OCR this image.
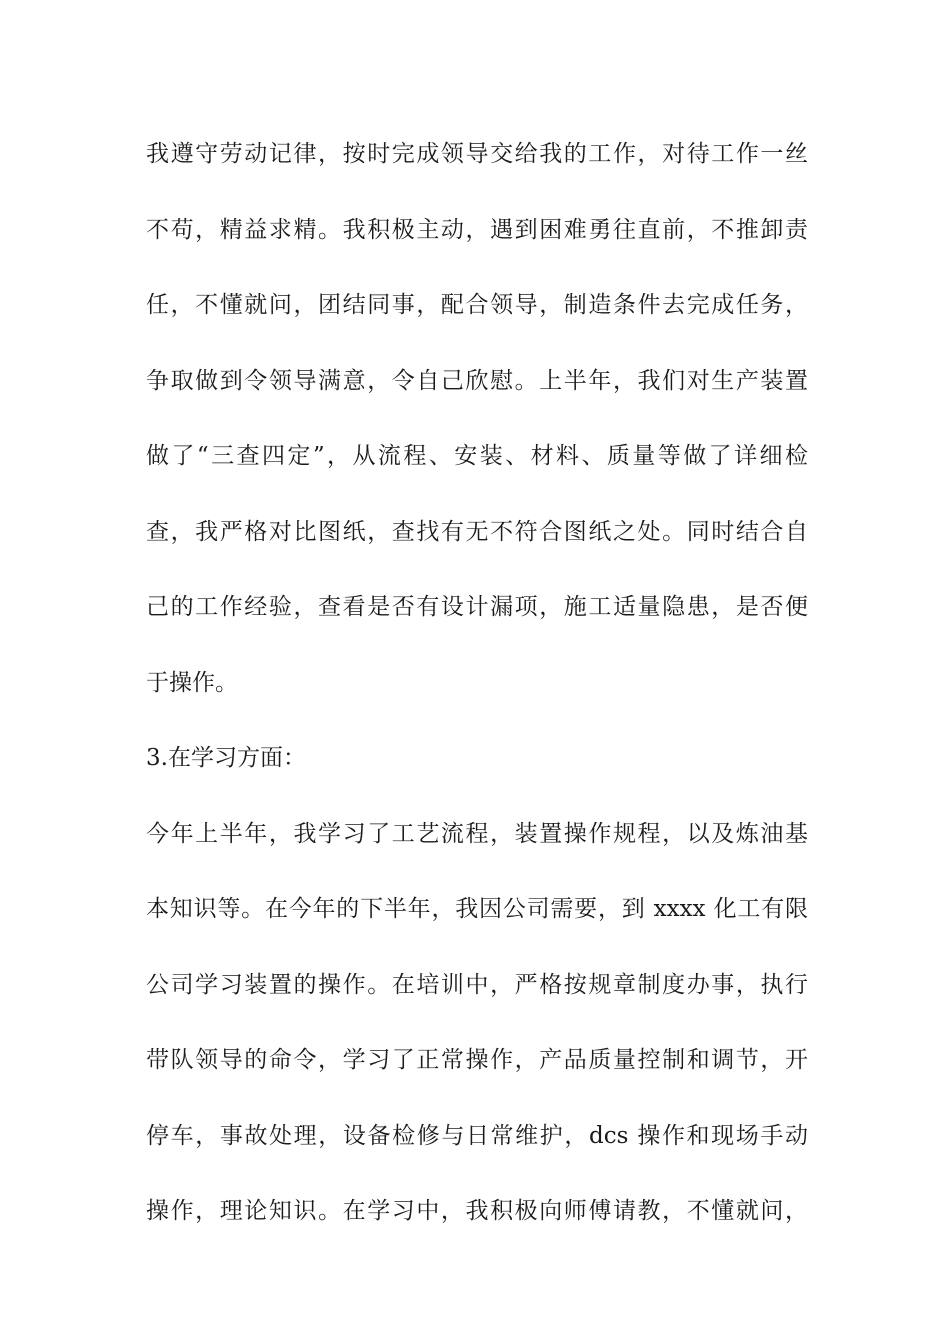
我遵守劳动记律，按时完成领导交给我的工作，对待工作一丝
不苟，精益求精。我积极主动，遇到困难勇往直前，不推卸责
任，不懂就问，团结同事，配合领导，制造条件去完成任务，
争取做到令领导满意，令自己欣慰。上半年，我们对生产装置
做了“三查四定”，从流程、安装、材料、质量等做了详细检
查，我严格对比图纸，查找有无不符合图纸之处。同时结合自
己的工作经验，查看是否有设计漏项，施工适量隐患，是否便
于操作。
3.在学习方面：
今年上半年，我学习了工艺流程，装置操作规程，以及炼油基
本知识等。在今年的下半年，我因公司需要，到 xxxx 化工有限
公司学习装置的操作。在培训中，严格按规章制度办事，执行
带队领导的命令，学习了正常操作，产品质量控制和调节，开
停车，事故处理，设备检修与日常维护，dcs 操作和现场手动
操作，理论知识。在学习中，我积极向师傅请教，不懂就问，
